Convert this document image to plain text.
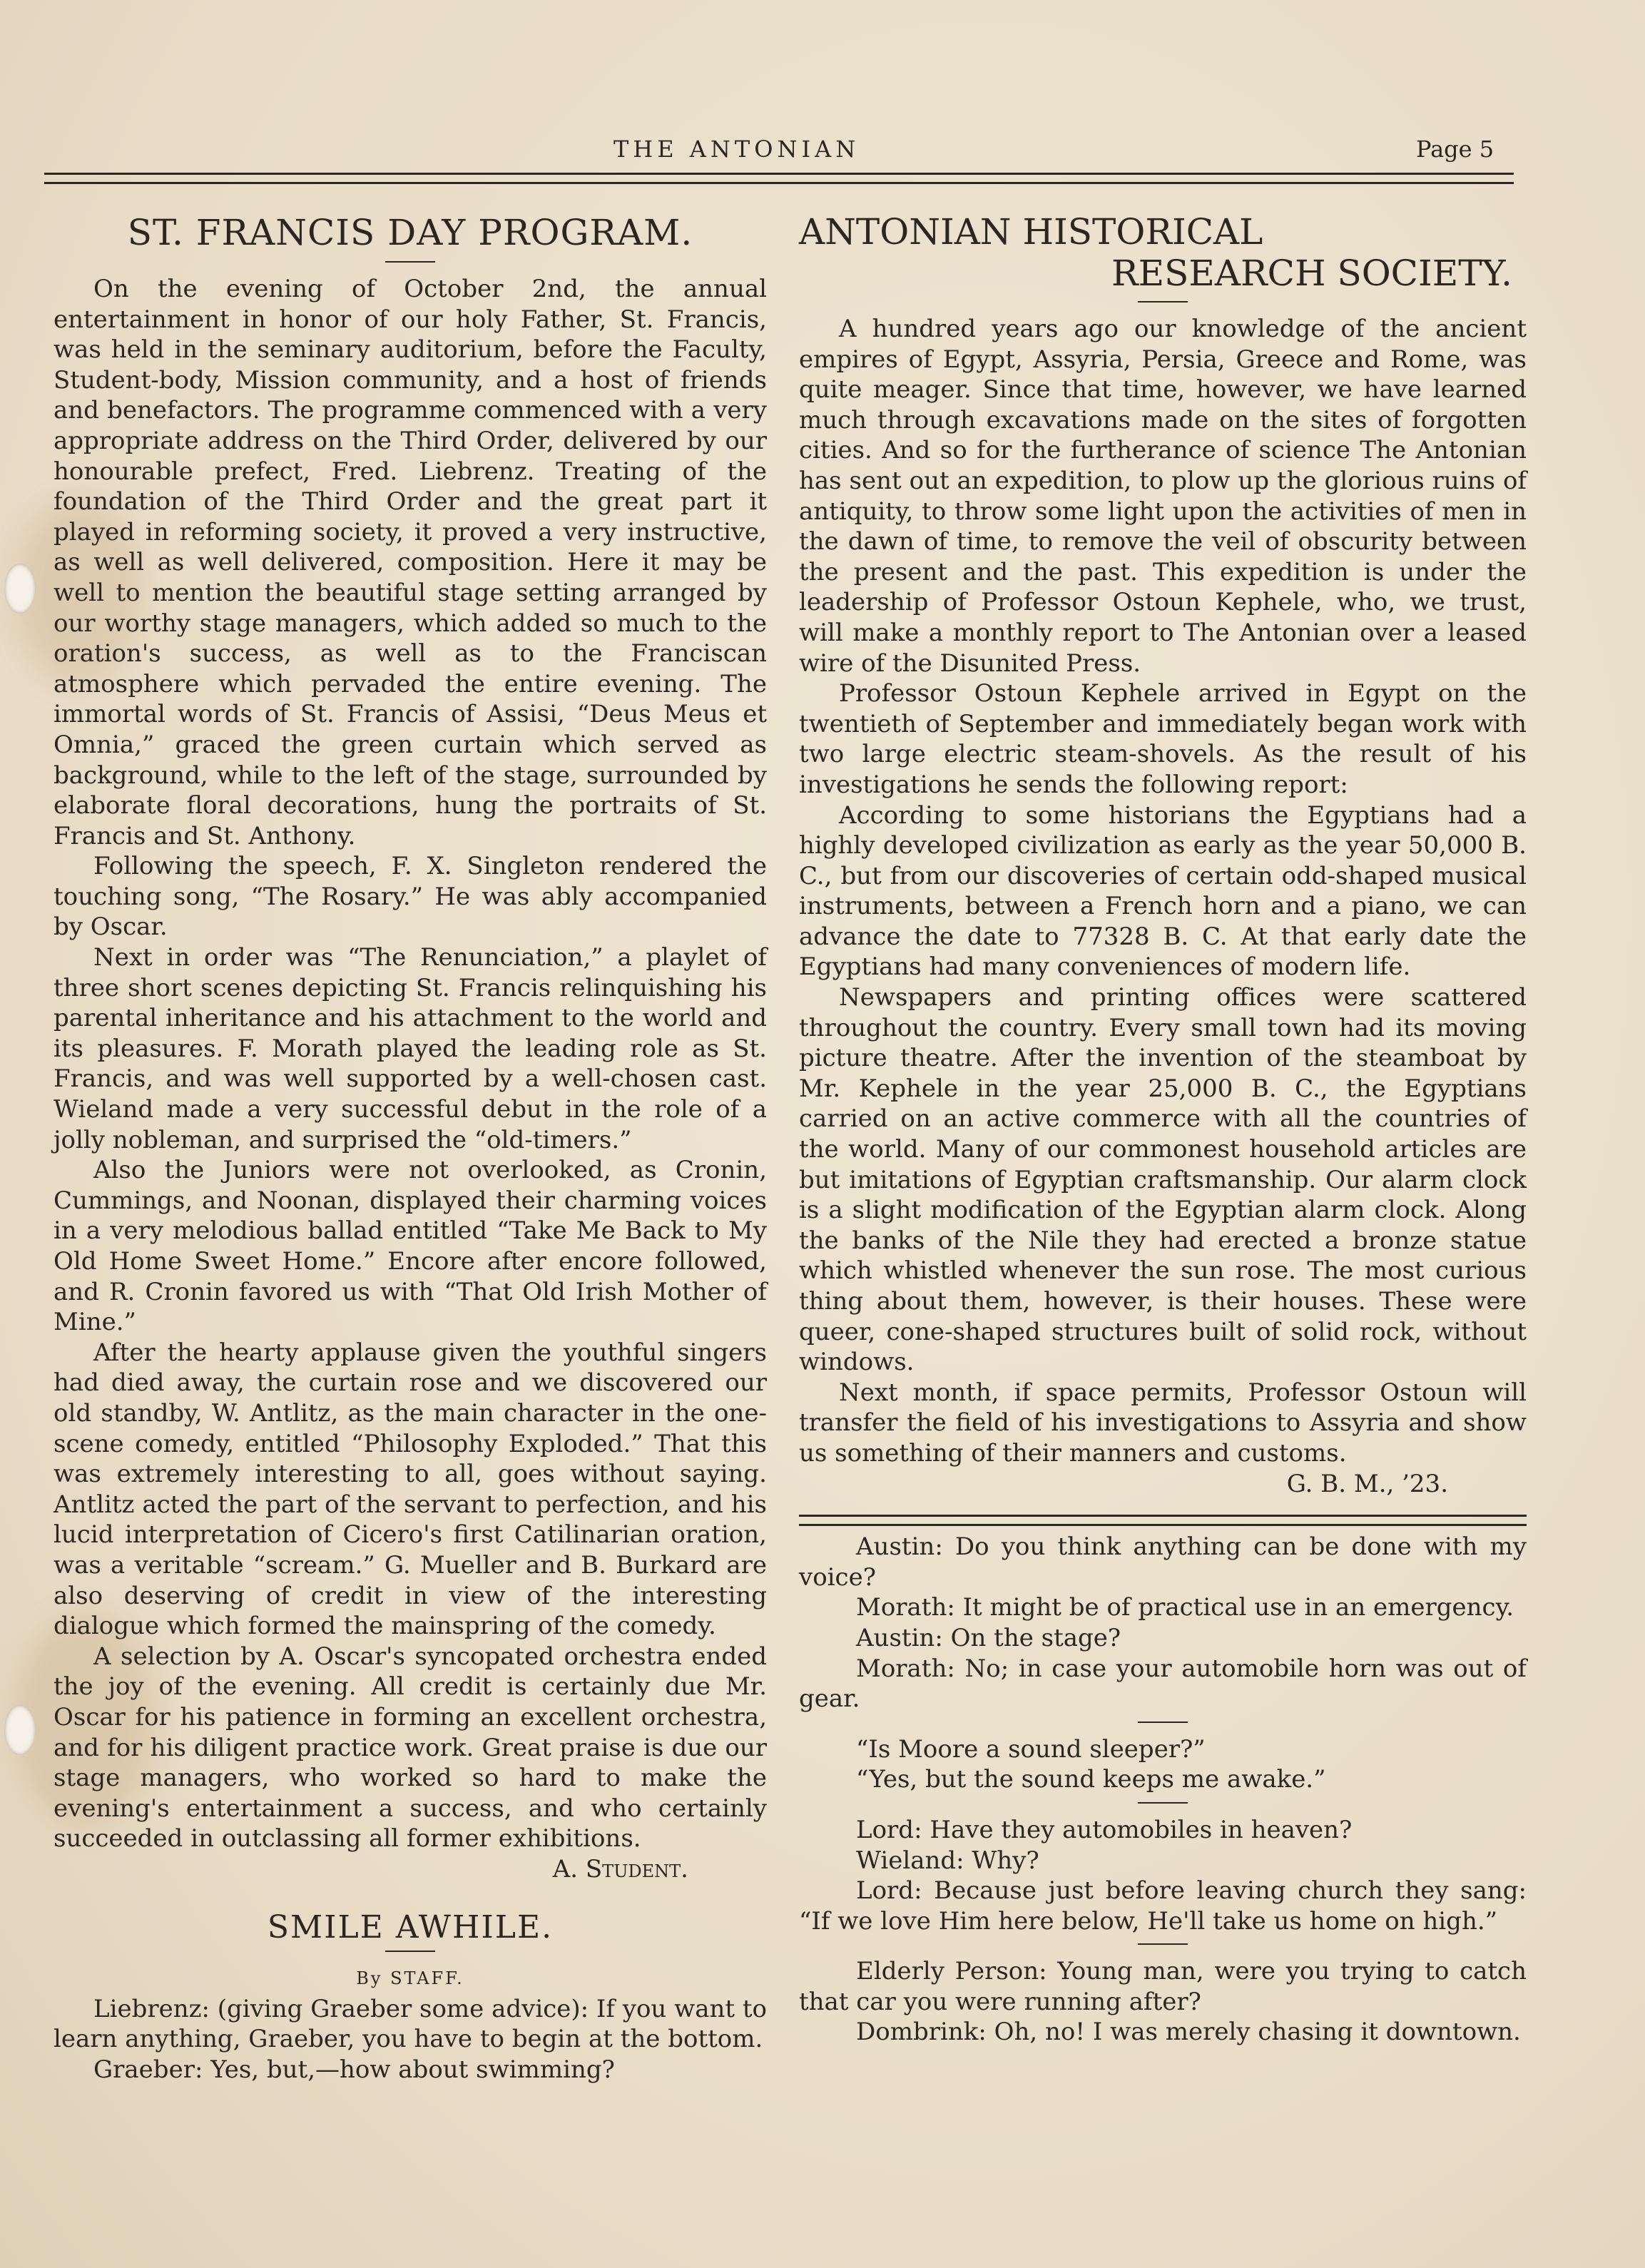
THE ANTONIAN	Page 5
ST. FRANCIS DAY PROGRAM.

On the evening of October 2nd, the annual entertainment in honor of our holy Father, St. Francis, was held in the seminary auditorium, before the Faculty, Student-body, Mission community, and a host of friends and benefactors. The programme commenced with a very appropriate address on the Third Order, delivered by our honourable prefect, Fred. Liebrenz. Treating of the foundation of the Third Order and the great part it played in reforming society, it proved a very instructive, as well as well delivered, composition. Here it may be well to mention the beautiful stage setting arranged by our worthy stage managers, which added so much to the oration's success, as well as to the Franciscan atmosphere which pervaded the entire evening. The immortal words of St. Francis of Assisi, “Deus Meus et Omnia,” graced the green curtain which served as background, while to the left of the stage, surrounded by elaborate floral decorations, hung the portraits of St. Francis and St. Anthony.

Following the speech, F. X. Singleton rendered the touching song, “The Rosary.” He was ably accompanied by Oscar.

Next in order was “The Renunciation,” a playlet of three short scenes depicting St. Francis relinquishing his parental inheritance and his attachment to the world and its pleasures. F. Morath played the leading role as St. Francis, and was well supported by a well-chosen cast. Wieland made a very successful debut in the role of a jolly nobleman, and surprised the “old-timers.”

Also the Juniors were not overlooked, as Cronin, Cummings, and Noonan, displayed their charming voices in a very melodious ballad entitled “Take Me Back to My Old Home Sweet Home.” Encore after encore followed, and R. Cronin favored us with “That Old Irish Mother of Mine.”

After the hearty applause given the youthful singers had died away, the curtain rose and we discovered our old standby, W. Antlitz, as the main character in the one-scene comedy, entitled “Philosophy Exploded.” That this was extremely interesting to all, goes without saying. Antlitz acted the part of the servant to perfection, and his lucid interpretation of Cicero's first Catilinarian oration, was a veritable “scream.” G. Mueller and B. Burkard are also deserving of credit in view of the interesting dialogue which formed the mainspring of the comedy.

A selection by A. Oscar's syncopated orchestra ended the joy of the evening. All credit is certainly due Mr. Oscar for his patience in forming an excellent orchestra, and for his diligent practice work. Great praise is due our stage managers, who worked so hard to make the evening's entertainment a success, and who certainly succeeded in outclassing all former exhibitions.

A. Student.

SMILE AWHILE.

By STAFF.

Liebrenz: (giving Graeber some advice): If you want to learn anything, Graeber, you have to begin at the bottom.

Graeber: Yes, but,—how about swimming?

ANTONIAN HISTORICAL
RESEARCH SOCIETY.

A hundred years ago our knowledge of the ancient empires of Egypt, Assyria, Persia, Greece and Rome, was quite meager. Since that time, however, we have learned much through excavations made on the sites of forgotten cities. And so for the furtherance of science The Antonian has sent out an expedition, to plow up the glorious ruins of antiquity, to throw some light upon the activities of men in the dawn of time, to remove the veil of obscurity between the present and the past. This expedition is under the leadership of Professor Ostoun Kephele, who, we trust, will make a monthly report to The Antonian over a leased wire of the Disunited Press.

Professor Ostoun Kephele arrived in Egypt on the twentieth of September and immediately began work with two large electric steam-shovels. As the result of his investigations he sends the following report:

According to some historians the Egyptians had a highly developed civilization as early as the year 50,000 B. C., but from our discoveries of certain odd-shaped musical instruments, between a French horn and a piano, we can advance the date to 77328 B. C. At that early date the Egyptians had many conveniences of modern life.

Newspapers and printing offices were scattered throughout the country. Every small town had its moving picture theatre. After the invention of the steamboat by Mr. Kephele in the year 25,000 B. C., the Egyptians carried on an active commerce with all the countries of the world. Many of our commonest household articles are but imitations of Egyptian craftsmanship. Our alarm clock is a slight modification of the Egyptian alarm clock. Along the banks of the Nile they had erected a bronze statue which whistled whenever the sun rose. The most curious thing about them, however, is their houses. These were queer, cone-shaped structures built of solid rock, without windows.

Next month, if space permits, Professor Ostoun will transfer the field of his investigations to Assyria and show us something of their manners and customs.

G. B. M., ’23.

Austin: Do you think anything can be done with my voice?

Morath: It might be of practical use in an emergency.

Austin: On the stage?

Morath: No; in case your automobile horn was out of gear.

“Is Moore a sound sleeper?”

“Yes, but the sound keeps me awake.”

Lord: Have they automobiles in heaven?

Wieland: Why?

Lord: Because just before leaving church they sang: “If we love Him here below, He'll take us home on high.”

Elderly Person: Young man, were you trying to catch that car you were running after?

Dombrink: Oh, no! I was merely chasing it downtown.
